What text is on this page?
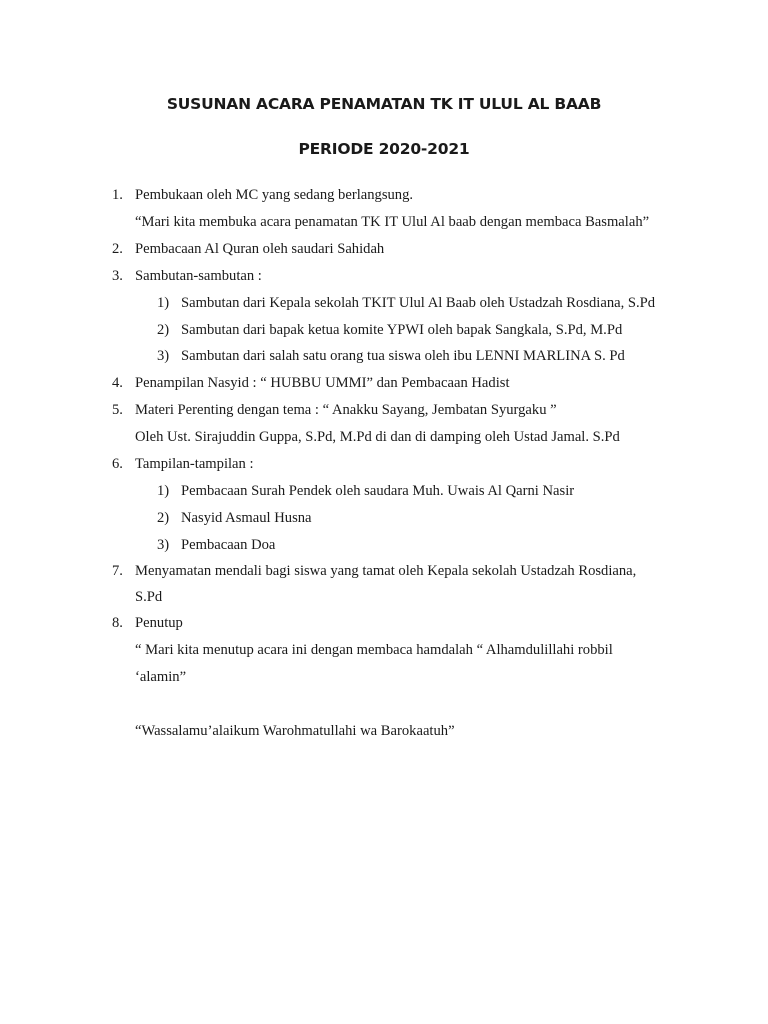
SUSUNAN ACARA PENAMATAN TK IT ULUL AL BAAB
PERIODE 2020-2021
1. Pembukaan oleh MC yang sedang berlangsung.
“Mari kita membuka acara penamatan TK IT Ulul Al baab dengan membaca Basmalah”
2. Pembacaan Al Quran oleh saudari Sahidah
3. Sambutan-sambutan :
1) Sambutan dari Kepala sekolah TKIT Ulul Al Baab oleh Ustadzah Rosdiana, S.Pd
2) Sambutan dari bapak ketua komite YPWI oleh bapak Sangkala, S.Pd, M.Pd
3) Sambutan dari salah satu orang tua siswa oleh ibu LENNI MARLINA S. Pd
4. Penampilan Nasyid : “ HUBBU UMMI” dan Pembacaan Hadist
5. Materi Perenting dengan tema : “ Anakku Sayang, Jembatan Syurgaku ”
Oleh Ust. Sirajuddin Guppa, S.Pd, M.Pd di dan di damping oleh Ustad Jamal. S.Pd
6. Tampilan-tampilan :
1) Pembacaan Surah Pendek oleh saudara Muh. Uwais Al Qarni Nasir
2) Nasyid Asmaul Husna
3) Pembacaan Doa
7. Menyamatan mendali bagi siswa yang tamat oleh Kepala sekolah Ustadzah Rosdiana,
S.Pd
8. Penutup
“ Mari kita menutup acara ini dengan membaca hamdalah “ Alhamdulillahi robbil
‘alamin”
“Wassalamu’alaikum Warohmatullahi wa Barokaatuh”
